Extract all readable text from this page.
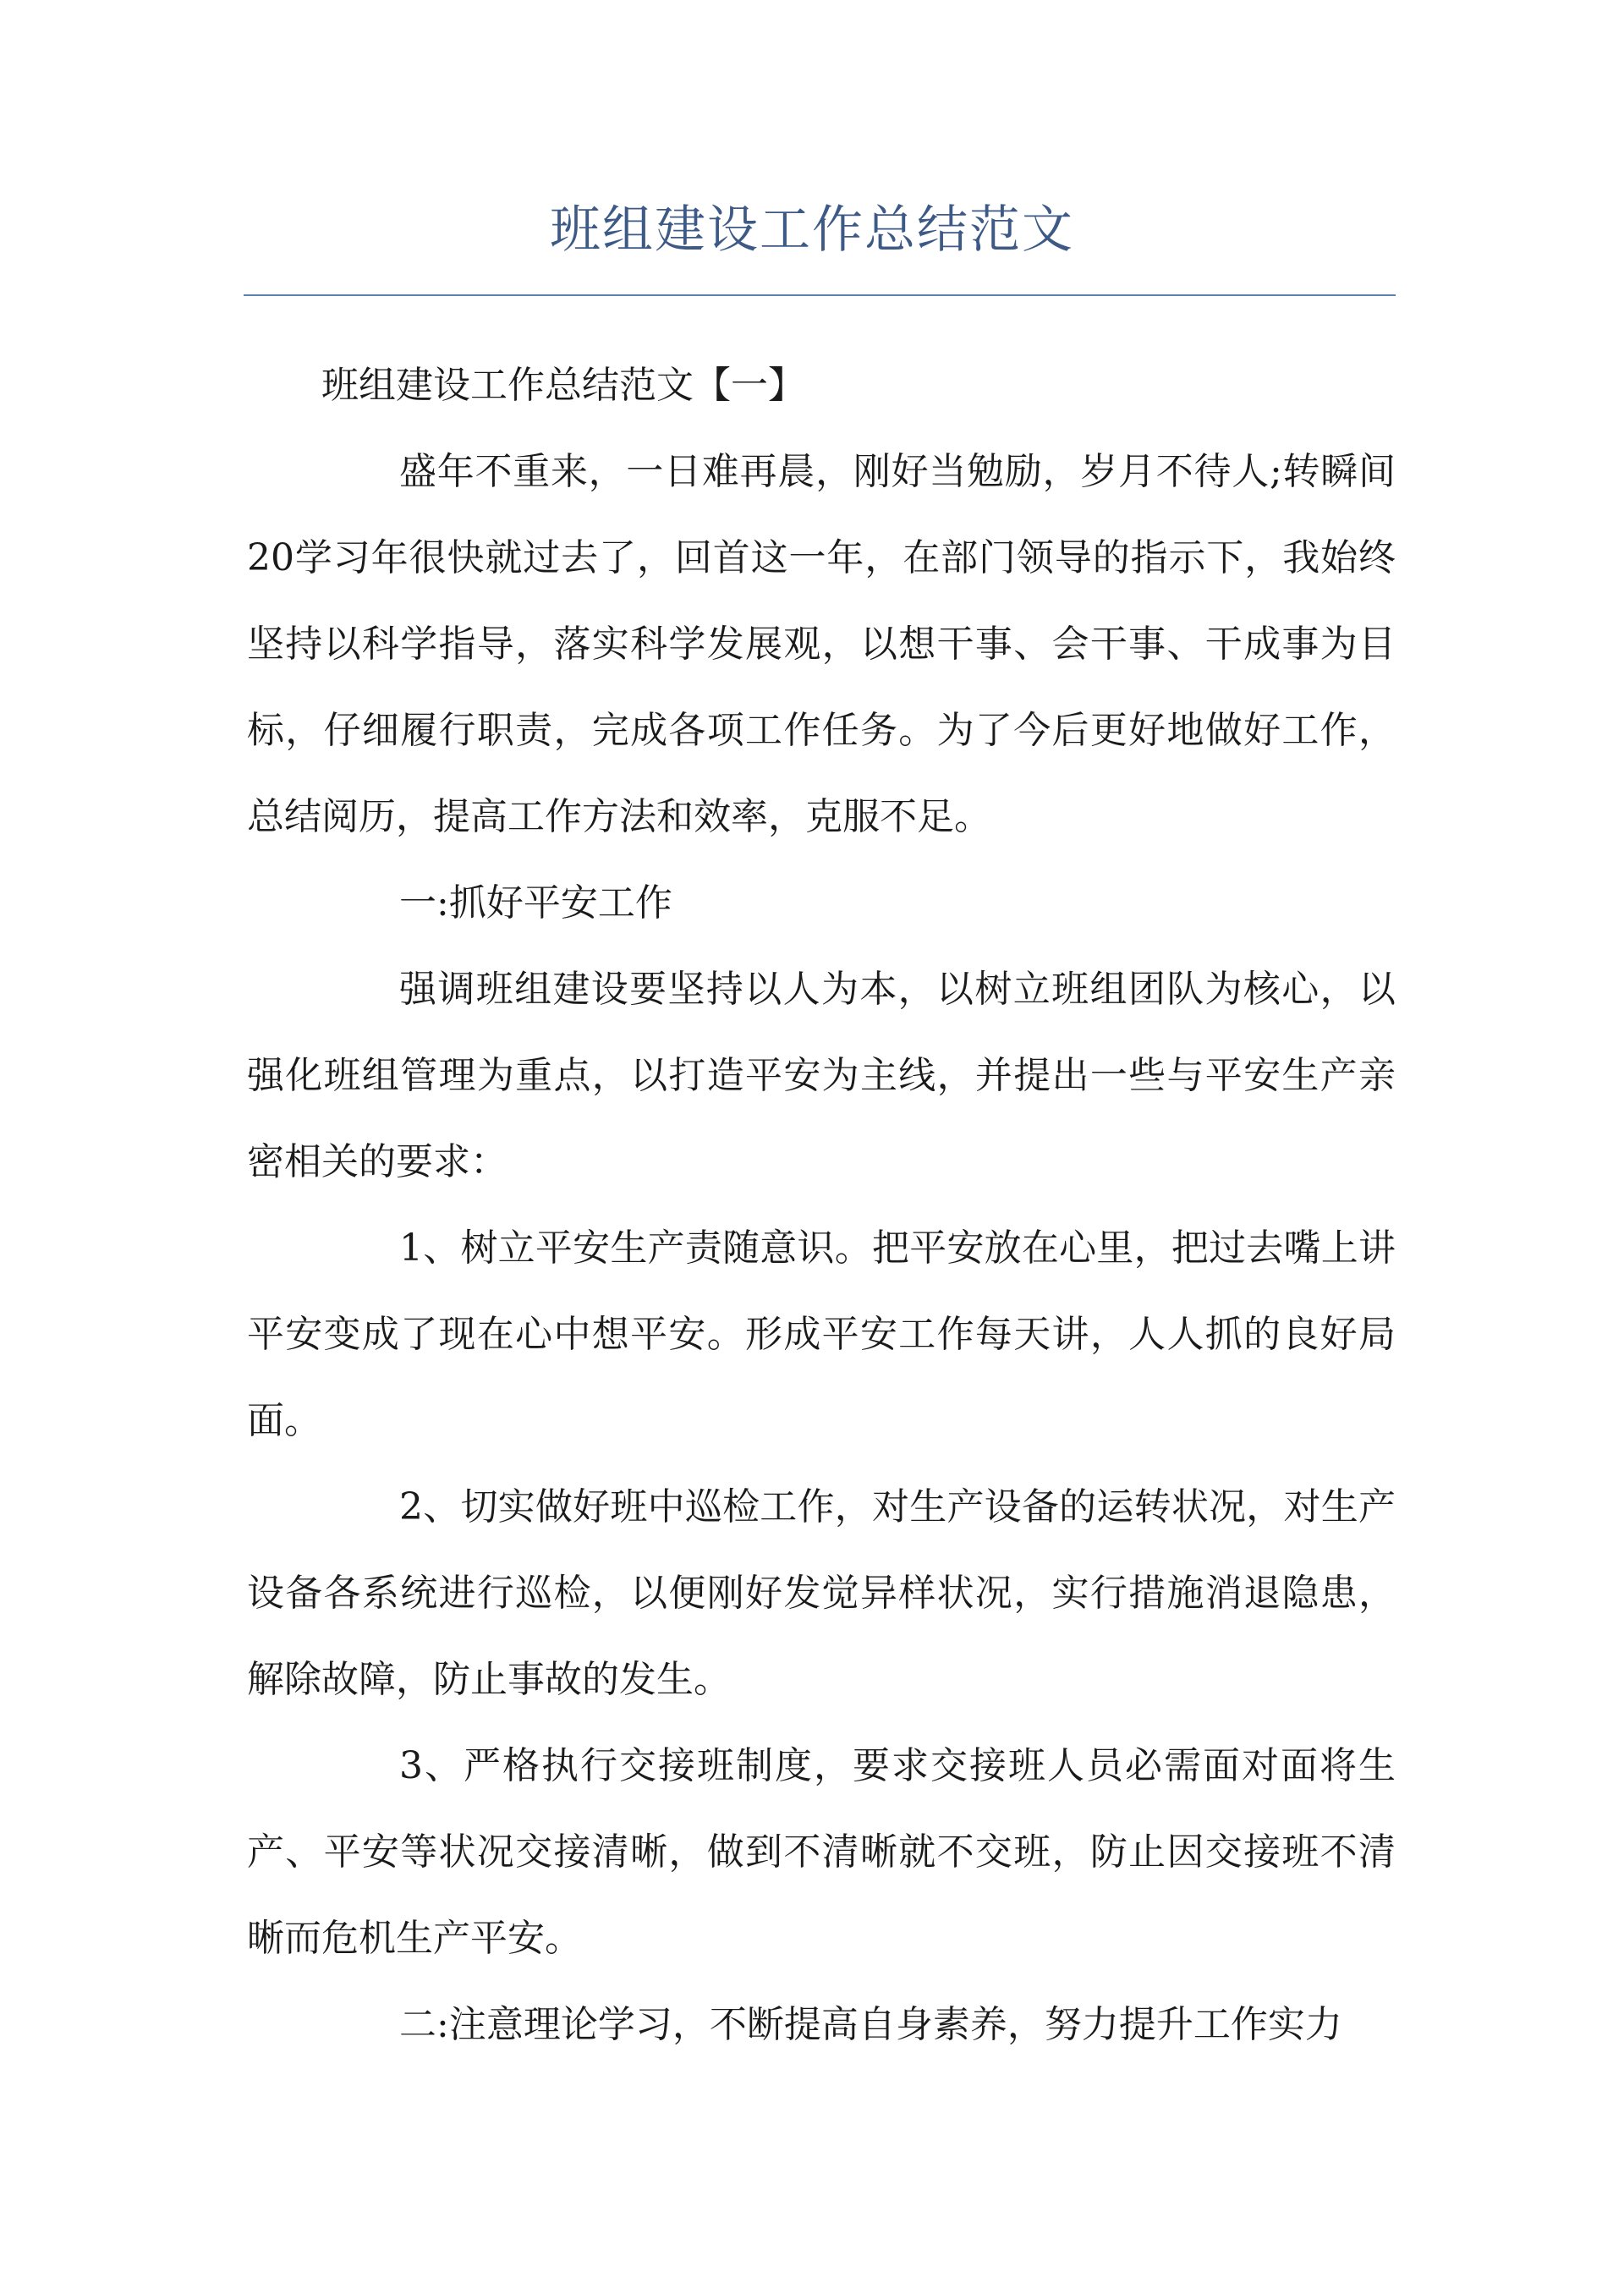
班组建设工作总结范文

班组建设工作总结范文【一】

盛年不重来，一日难再晨，刚好当勉励，岁月不待人;转瞬间20学习年很快就过去了，回首这一年，在部门领导的指示下，我始终坚持以科学指导，落实科学发展观，以想干事、会干事、干成事为目标，仔细履行职责，完成各项工作任务。为了今后更好地做好工作，总结阅历，提高工作方法和效率，克服不足。

一:抓好平安工作

强调班组建设要坚持以人为本，以树立班组团队为核心，以强化班组管理为重点，以打造平安为主线，并提出一些与平安生产亲密相关的要求：

1、树立平安生产责随意识。把平安放在心里，把过去嘴上讲平安变成了现在心中想平安。形成平安工作每天讲，人人抓的良好局面。

2、切实做好班中巡检工作，对生产设备的运转状况，对生产设备各系统进行巡检，以便刚好发觉异样状况，实行措施消退隐患，解除故障，防止事故的发生。

3、严格执行交接班制度，要求交接班人员必需面对面将生产、平安等状况交接清晰，做到不清晰就不交班，防止因交接班不清晰而危机生产平安。

二:注意理论学习，不断提高自身素养，努力提升工作实力
